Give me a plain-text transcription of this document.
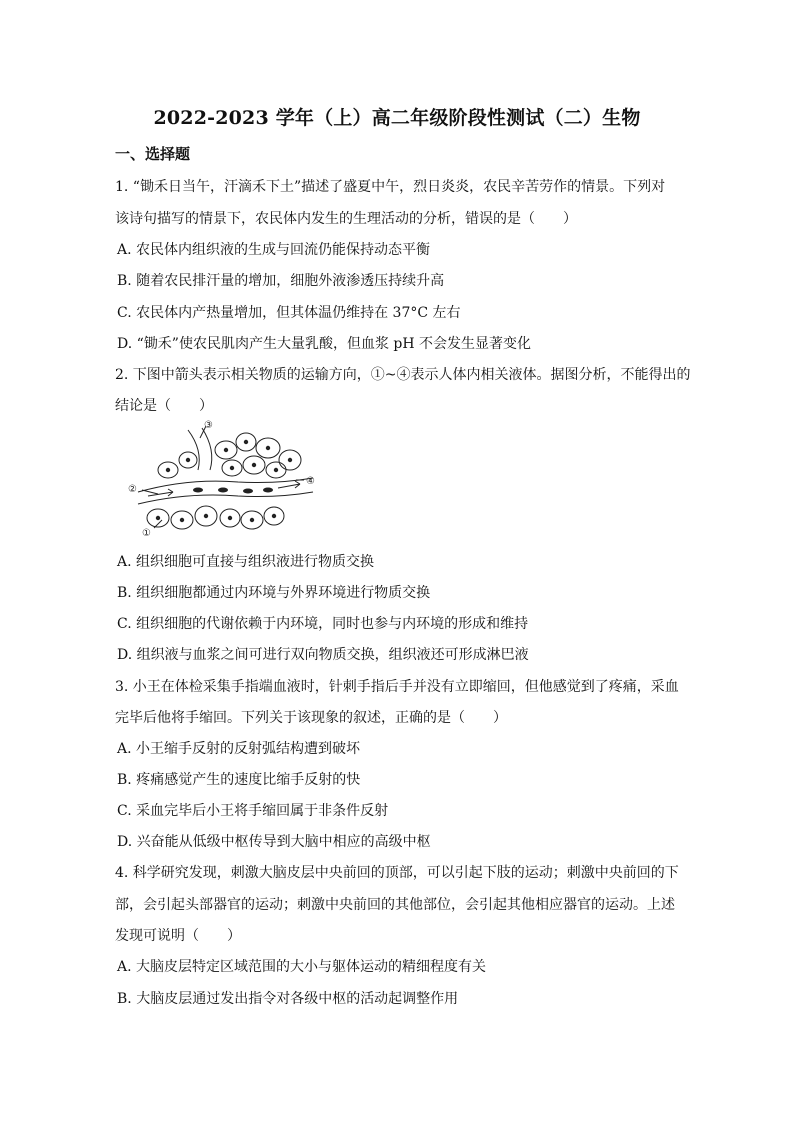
2022-2023 学年（上）高二年级阶段性测试（二）生物
一、选择题
1. “锄禾日当午，汗滴禾下土”描述了盛夏中午，烈日炎炎，农民辛苦劳作的情景。下列对
该诗句描写的情景下，农民体内发生的生理活动的分析，错误的是（　　）
A. 农民体内组织液的生成与回流仍能保持动态平衡
B. 随着农民排汗量的增加，细胞外液渗透压持续升高
C. 农民体内产热量增加，但其体温仍维持在 37°C 左右
D. “锄禾”使农民肌肉产生大量乳酸，但血浆 pH 不会发生显著变化
2. 下图中箭头表示相关物质的运输方向，①~④表示人体内相关液体。据图分析，不能得出的
结论是（　　）
②
③
④
①
A. 组织细胞可直接与组织液进行物质交换
B. 组织细胞都通过内环境与外界环境进行物质交换
C. 组织细胞的代谢依赖于内环境，同时也参与内环境的形成和维持
D. 组织液与血浆之间可进行双向物质交换，组织液还可形成淋巴液
3. 小王在体检采集手指端血液时，针刺手指后手并没有立即缩回，但他感觉到了疼痛，采血
完毕后他将手缩回。下列关于该现象的叙述，正确的是（　　）
A. 小王缩手反射的反射弧结构遭到破坏
B. 疼痛感觉产生的速度比缩手反射的快
C. 采血完毕后小王将手缩回属于非条件反射
D. 兴奋能从低级中枢传导到大脑中相应的高级中枢
4. 科学研究发现，刺激大脑皮层中央前回的顶部，可以引起下肢的运动；刺激中央前回的下
部，会引起头部器官的运动；刺激中央前回的其他部位，会引起其他相应器官的运动。上述
发现可说明（　　）
A. 大脑皮层特定区域范围的大小与躯体运动的精细程度有关
B. 大脑皮层通过发出指令对各级中枢的活动起调整作用
